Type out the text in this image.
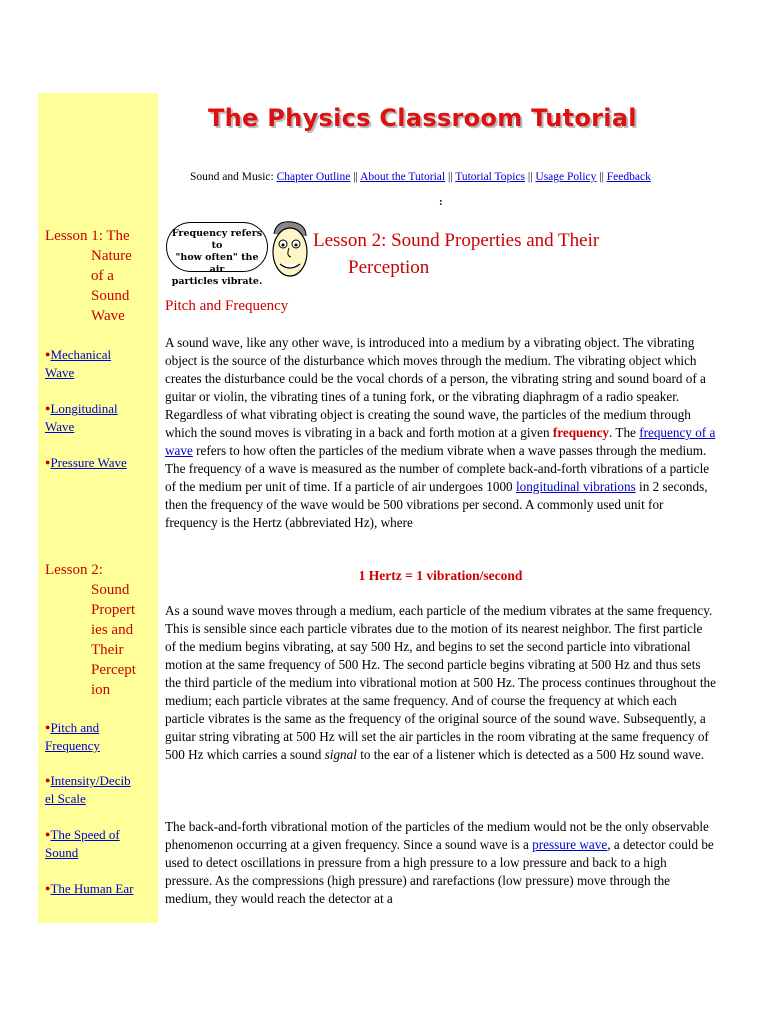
Lesson 1: The
Nature
of a
Sound
Wave
●Mechanical
Wave
●Longitudinal
Wave
●Pressure Wave
Lesson 2:
Sound
Propert
ies and
Their
Percept
ion
●Pitch and
Frequency
●Intensity/Decib
el Scale
●The Speed of
Sound
●The Human Ear
The Physics Classroom Tutorial
Sound and Music: Chapter Outline || About the Tutorial || Tutorial Topics || Usage Policy || Feedback
:
Frequency refers to
"how often" the air
particles vibrate.
Lesson 2: Sound Properties and Their
Perception
Pitch and Frequency

A sound wave, like any other wave, is introduced into a medium by a vibrating object. The vibrating object is the source of the disturbance which moves through the medium. The vibrating object which creates the disturbance could be the vocal chords of a person, the vibrating string and sound board of a guitar or violin, the vibrating tines of a tuning fork, or the vibrating diaphragm of a radio speaker. Regardless of what vibrating object is creating the sound wave, the particles of the medium through which the sound moves is vibrating in a back and forth motion at a given frequency. The frequency of a wave refers to how often the particles of the medium vibrate when a wave passes through the medium. The frequency of a wave is measured as the number of complete back-and-forth vibrations of a particle of the medium per unit of time. If a particle of air undergoes 1000 longitudinal vibrations in 2 seconds, then the frequency of the wave would be 500 vibrations per second. A commonly used unit for frequency is the Hertz (abbreviated Hz), where

1 Hertz = 1 vibration/second

As a sound wave moves through a medium, each particle of the medium vibrates at the same frequency. This is sensible since each particle vibrates due to the motion of its nearest neighbor. The first particle of the medium begins vibrating, at say 500 Hz, and begins to set the second particle into vibrational motion at the same frequency of 500 Hz. The second particle begins vibrating at 500 Hz and thus sets the third particle of the medium into vibrational motion at 500 Hz. The process continues throughout the medium; each particle vibrates at the same frequency. And of course the frequency at which each particle vibrates is the same as the frequency of the original source of the sound wave. Subsequently, a guitar string vibrating at 500 Hz will set the air particles in the room vibrating at the same frequency of 500 Hz which carries a sound signal to the ear of a listener which is detected as a 500 Hz sound wave.

The back-and-forth vibrational motion of the particles of the medium would not be the only observable phenomenon occurring at a given frequency. Since a sound wave is a pressure wave, a detector could be used to detect oscillations in pressure from a high pressure to a low pressure and back to a high pressure. As the compressions (high pressure) and rarefactions (low pressure) move through the medium, they would reach the detector at a
